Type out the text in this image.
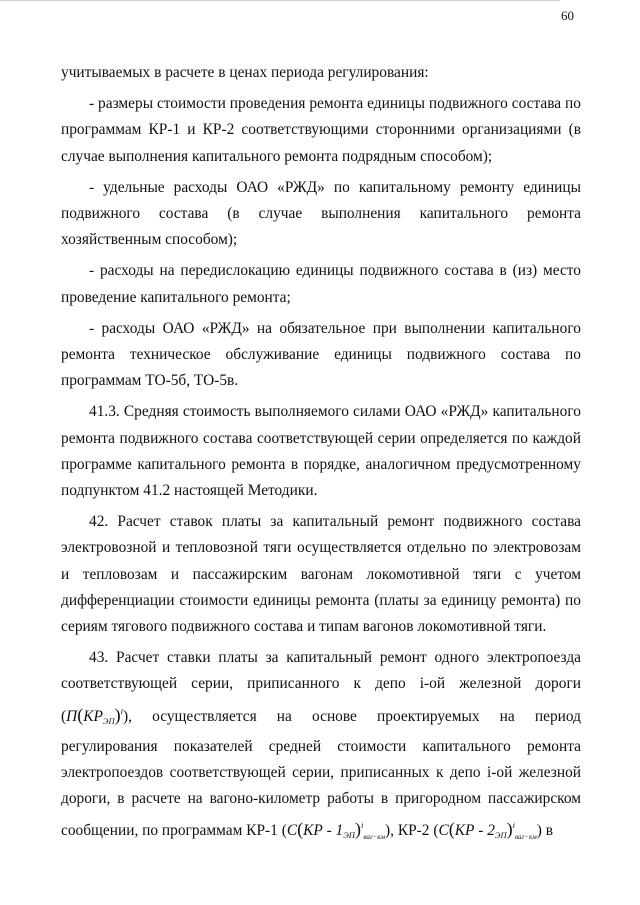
60

учитываемых в расчете в ценах периода регулирования:

- размеры стоимости проведения ремонта единицы подвижного состава по программам КР-1 и КР-2 соответствующими сторонними организациями (в случае выполнения капитального ремонта подрядным способом);

- удельные расходы ОАО «РЖД» по капитальному ремонту единицы подвижного состава (в случае выполнения капитального ремонта хозяйственным способом);

- расходы на передислокацию единицы подвижного состава в (из) место проведение капитального ремонта;

- расходы ОАО «РЖД» на обязательное при выполнении капитального ремонта техническое обслуживание единицы подвижного состава по программам ТО-5б, ТО-5в.

41.3. Средняя стоимость выполняемого силами ОАО «РЖД» капитального ремонта подвижного состава соответствующей серии определяется по каждой программе капитального ремонта в порядке, аналогичном предусмотренному подпунктом 41.2 настоящей Методики.

42. Расчет ставок платы за капитальный ремонт подвижного состава электровозной и тепловозной тяги осуществляется отдельно по электровозам и тепловозам и пассажирским вагонам локомотивной тяги с учетом дифференциации стоимости единицы ремонта (платы за единицу ремонта) по сериям тягового подвижного состава и типам вагонов локомотивной тяги.

43. Расчет ставки платы за капитальный ремонт одного электропоезда соответствующей серии, приписанного к депо i-ой железной дороги $(П(КР_{ЭП})^i)$, осуществляется на основе проектируемых на период регулирования показателей средней стоимости капитального ремонта электропоездов соответствующей серии, приписанных к депо i-ой железной дороги, в расчете на вагоно-километр работы в пригородном пассажирском сообщении, по программам КР-1 $(С(КР - 1_{ЭП})^i_{ваг-км})$, КР-2 $(С(КР - 2_{ЭП})^i_{ваг-км})$ в
